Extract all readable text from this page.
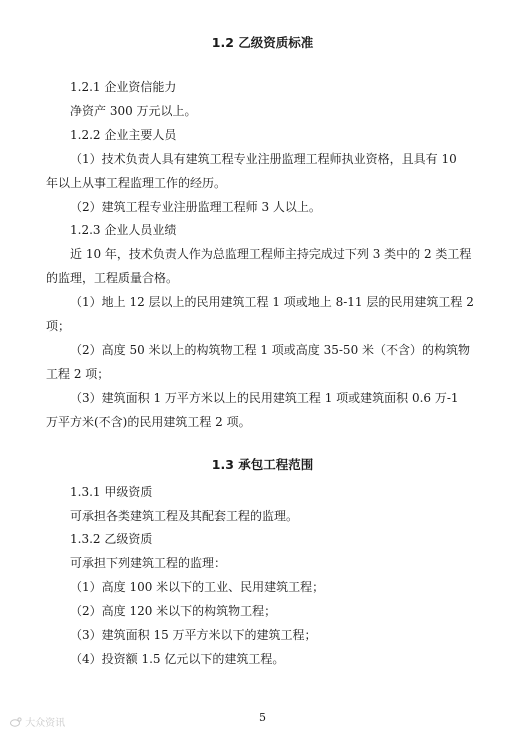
1.2 乙级资质标准
1.2.1 企业资信能力
净资产 300 万元以上。
1.2.2 企业主要人员
（1）技术负责人具有建筑工程专业注册监理工程师执业资格，且具有 10
年以上从事工程监理工作的经历。
（2）建筑工程专业注册监理工程师 3 人以上。
1.2.3 企业人员业绩
近 10 年，技术负责人作为总监理工程师主持完成过下列 3 类中的 2 类工程
的监理，工程质量合格。
（1）地上 12 层以上的民用建筑工程 1 项或地上 8-11 层的民用建筑工程 2
项；
（2）高度 50 米以上的构筑物工程 1 项或高度 35-50 米（不含）的构筑物
工程 2 项；
（3）建筑面积 1 万平方米以上的民用建筑工程 1 项或建筑面积 0.6 万-1
万平方米(不含)的民用建筑工程 2 项。
1.3 承包工程范围
1.3.1 甲级资质
可承担各类建筑工程及其配套工程的监理。
1.3.2 乙级资质
可承担下列建筑工程的监理：
（1）高度 100 米以下的工业、民用建筑工程；
（2）高度 120 米以下的构筑物工程；
（3）建筑面积 15 万平方米以下的建筑工程；
（4）投资额 1.5 亿元以下的建筑工程。
5
大众资讯
